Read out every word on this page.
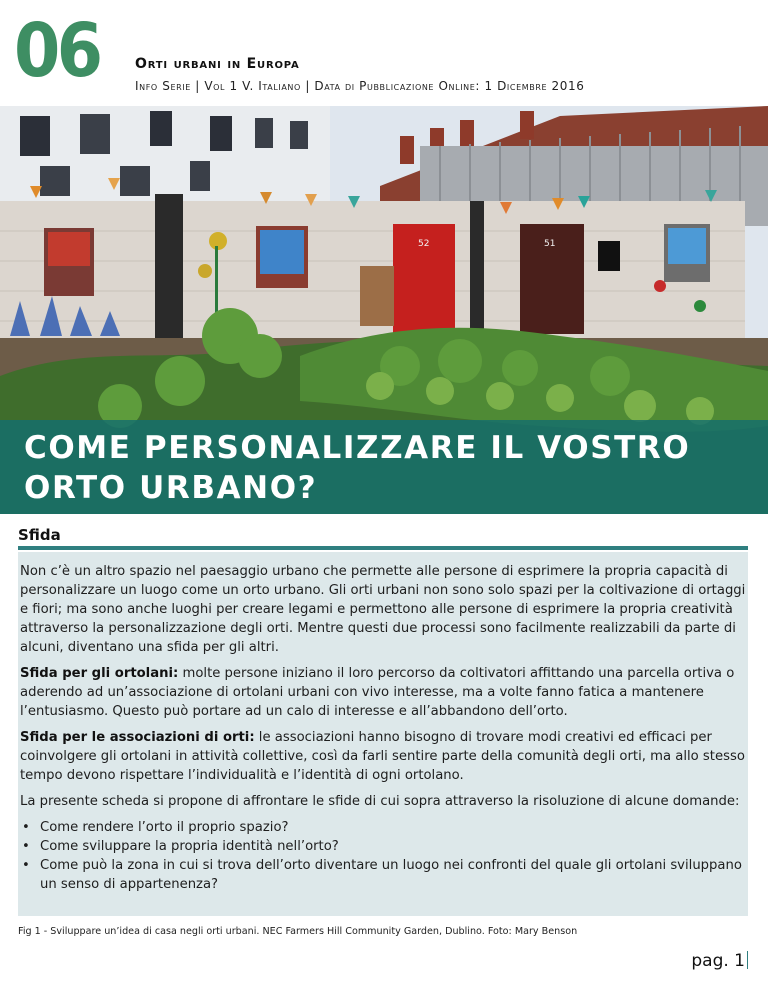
06	Orti urbani in Europa
Info Serie | Vol 1 V. Italiano | Data di Pubblicazione Online: 1 Dicembre 2016
52	51
COME PERSONALIZZARE IL VOSTRO ORTO URBANO?
Sfida

Non c’è un altro spazio nel paesaggio urbano che permette alle persone di esprimere la propria capacità di personalizzare un luogo come un orto urbano. Gli orti urbani non sono solo spazi per la coltivazione di ortaggi e fiori; ma sono anche luoghi per creare legami e permettono alle persone di esprimere la propria creatività attraverso la personalizzazione degli orti. Mentre questi due processi sono facilmente realizzabili da parte di alcuni, diventano una sfida per gli altri.

Sfida per gli ortolani: molte persone iniziano il loro percorso da coltivatori affittando una parcella ortiva o aderendo ad un’associazione di ortolani urbani con vivo interesse, ma a volte fanno fatica a mantenere l’entusiasmo. Questo può portare ad un calo di interesse e all’abbandono dell’orto.

Sfida per le associazioni di orti: le associazioni hanno bisogno di trovare modi creativi ed efficaci per coinvolgere gli ortolani in attività collettive, così da farli sentire parte della comunità degli orti, ma allo stesso tempo devono rispettare l’individualità e l’identità di ogni ortolano.

La presente scheda si propone di affrontare le sfide di cui sopra attraverso la risoluzione di alcune domande:

• Come rendere l’orto il proprio spazio?
• Come sviluppare la propria identità nell’orto?
• Come può la zona in cui si trova dell’orto diventare un luogo nei confronti del quale gli ortolani sviluppano un senso di appartenenza?
Fig 1 - Sviluppare un’idea di casa negli orti urbani. NEC Farmers Hill Community Garden, Dublino. Foto: Mary Benson
pag. 1
